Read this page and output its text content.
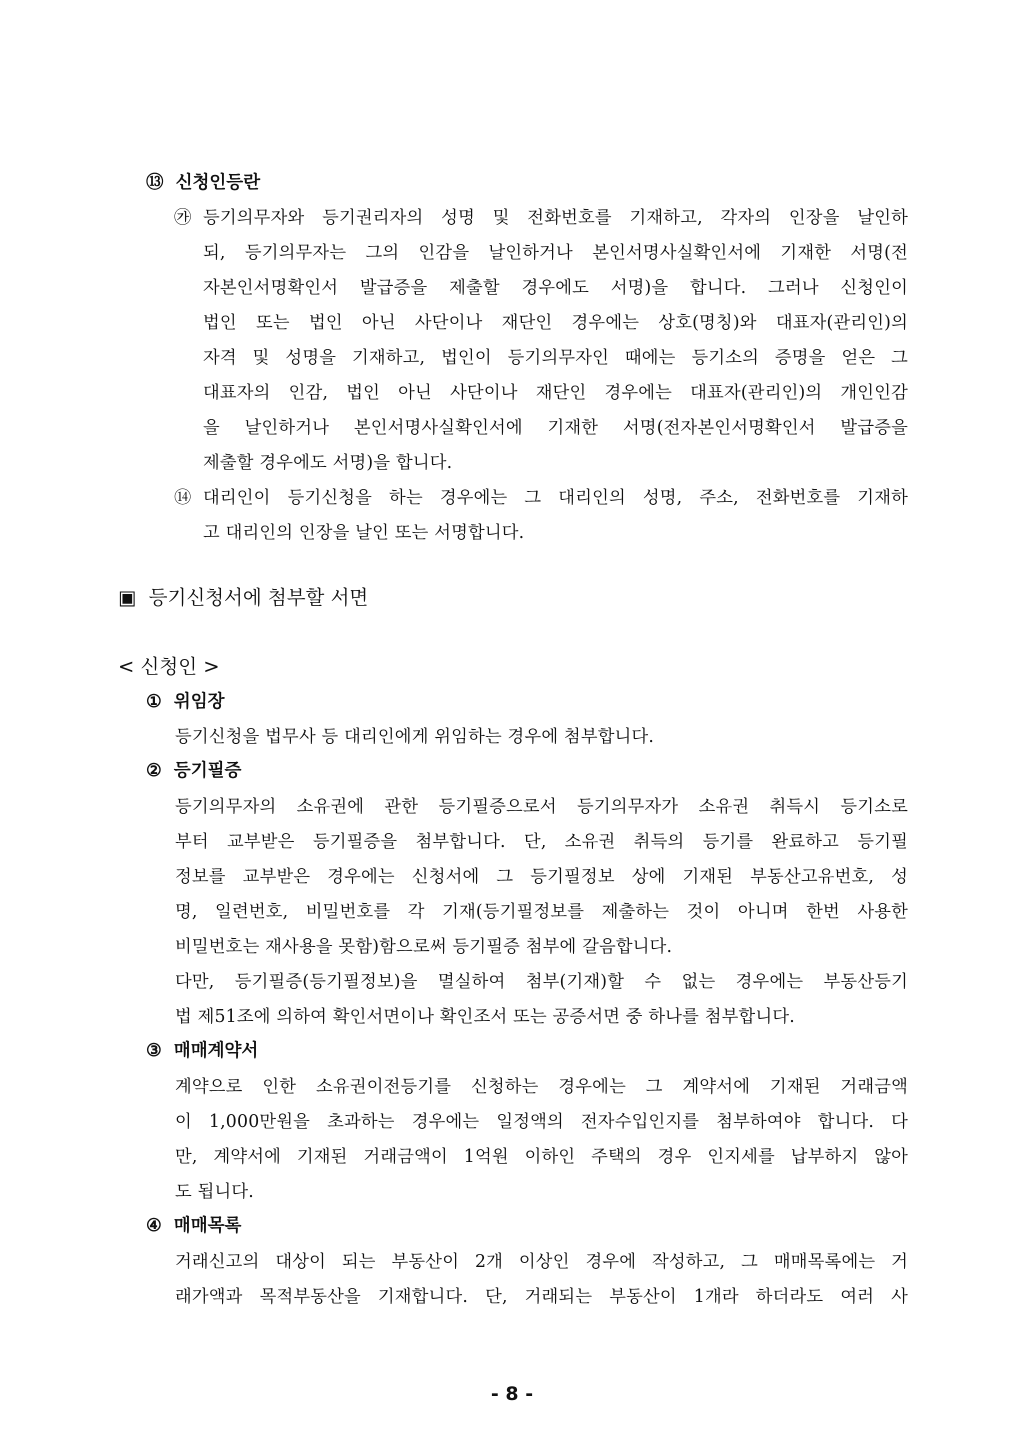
⑬ 신청인등란
㉮ 등기의무자와 등기권리자의 성명 및 전화번호를 기재하고, 각자의 인장을 날인하
되, 등기의무자는 그의 인감을 날인하거나 본인서명사실확인서에 기재한 서명(전
자본인서명확인서 발급증을 제출할 경우에도 서명)을 합니다. 그러나 신청인이
법인 또는 법인 아닌 사단이나 재단인 경우에는 상호(명칭)와 대표자(관리인)의
자격 및 성명을 기재하고, 법인이 등기의무자인 때에는 등기소의 증명을 얻은 그
대표자의 인감, 법인 아닌 사단이나 재단인 경우에는 대표자(관리인)의 개인인감
을 날인하거나 본인서명사실확인서에 기재한 서명(전자본인서명확인서 발급증을
제출할 경우에도 서명)을 합니다.
⑭ 대리인이 등기신청을 하는 경우에는 그 대리인의 성명, 주소, 전화번호를 기재하
고 대리인의 인장을 날인 또는 서명합니다.
▣ 등기신청서에 첨부할 서면
< 신청인 >
① 위임장
등기신청을 법무사 등 대리인에게 위임하는 경우에 첨부합니다.
② 등기필증
등기의무자의 소유권에 관한 등기필증으로서 등기의무자가 소유권 취득시 등기소로
부터 교부받은 등기필증을 첨부합니다. 단, 소유권 취득의 등기를 완료하고 등기필
정보를 교부받은 경우에는 신청서에 그 등기필정보 상에 기재된 부동산고유번호, 성
명, 일련번호, 비밀번호를 각 기재(등기필정보를 제출하는 것이 아니며 한번 사용한
비밀번호는 재사용을 못함)함으로써 등기필증 첨부에 갈음합니다.
다만, 등기필증(등기필정보)을 멸실하여 첨부(기재)할 수 없는 경우에는 부동산등기
법 제51조에 의하여 확인서면이나 확인조서 또는 공증서면 중 하나를 첨부합니다.
③ 매매계약서
계약으로 인한 소유권이전등기를 신청하는 경우에는 그 계약서에 기재된 거래금액
이 1,000만원을 초과하는 경우에는 일정액의 전자수입인지를 첨부하여야 합니다. 다
만, 계약서에 기재된 거래금액이 1억원 이하인 주택의 경우 인지세를 납부하지 않아
도 됩니다.
④ 매매목록
거래신고의 대상이 되는 부동산이 2개 이상인 경우에 작성하고, 그 매매목록에는 거
래가액과 목적부동산을 기재합니다. 단, 거래되는 부동산이 1개라 하더라도 여러 사
- 8 -
